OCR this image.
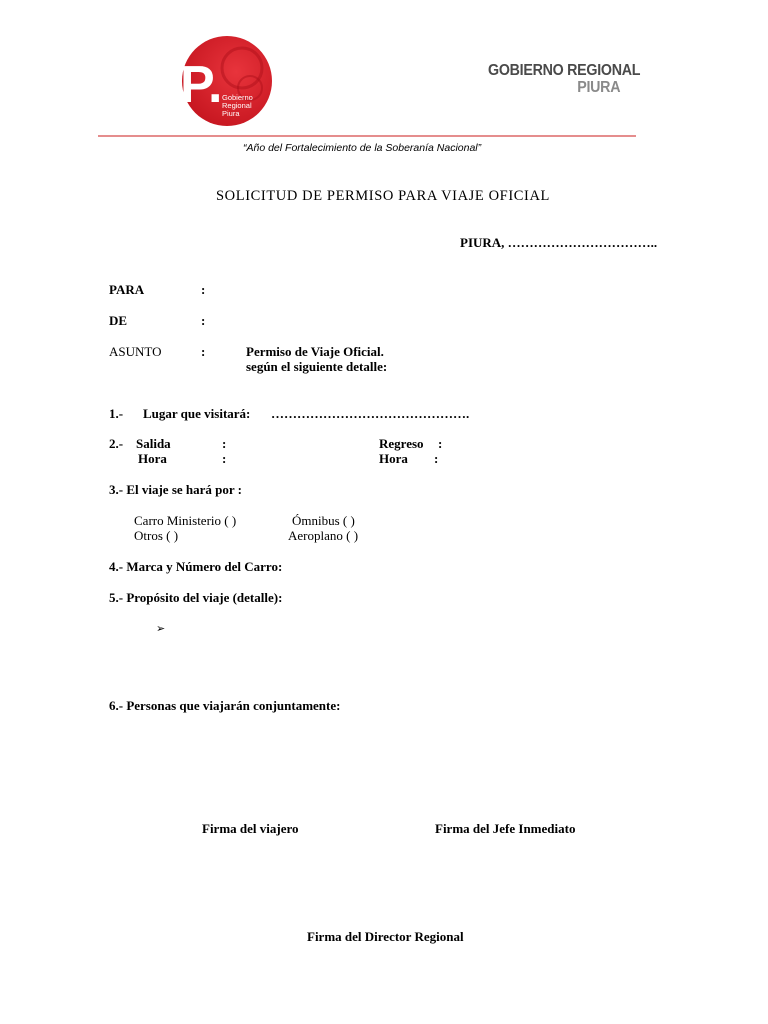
P. Gobierno
Regional
Piura
GOBIERNO REGIONAL
PIURA
“Año del Fortalecimiento de la Soberanía Nacional”
SOLICITUD DE PERMISO PARA VIAJE OFICIAL
PIURA, ……………………………..
PARA	:
DE	:
ASUNTO	:	Permiso de Viaje Oficial.
según el siguiente detalle:
1.- Lugar que visitará: ……………………………………….
2.- Salida	:	Regreso :
Hora	:	Hora :
3.- El viaje se hará por :
Carro Ministerio ( )	Ómnibus ( )
Otros ( )	Aeroplano ( )
4.- Marca y Número del Carro:
5.- Propósito del viaje (detalle):
➢
6.- Personas que viajarán conjuntamente:
Firma del viajero	Firma del Jefe Inmediato
Firma del Director Regional
